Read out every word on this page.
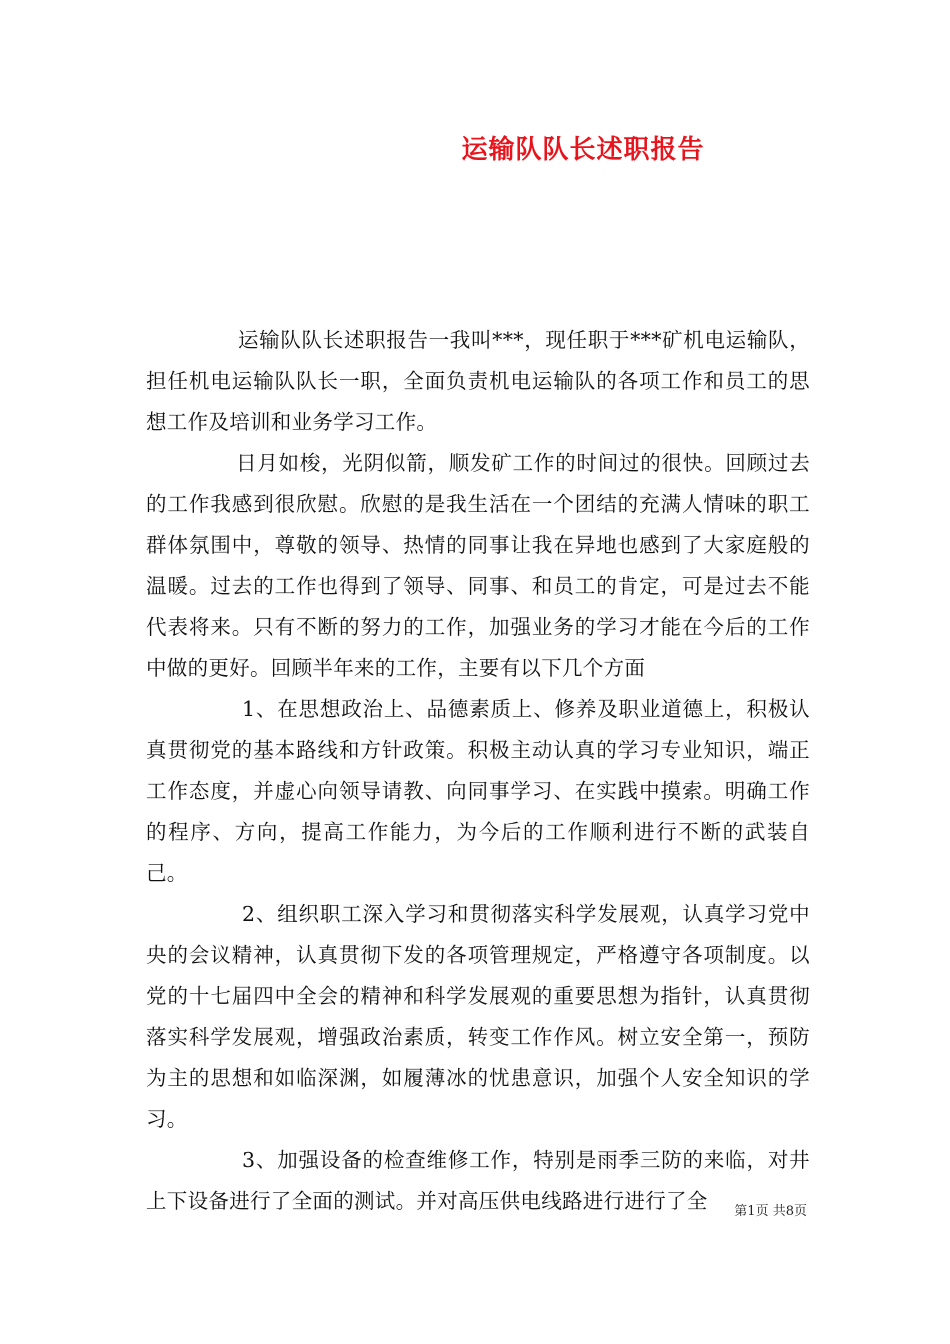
运输队队长述职报告

运输队队长述职报告一我叫***，现任职于***矿机电运输队，担任机电运输队队长一职，全面负责机电运输队的各项工作和员工的思想工作及培训和业务学习工作。

日月如梭，光阴似箭，顺发矿工作的时间过的很快。回顾过去的工作我感到很欣慰。欣慰的是我生活在一个团结的充满人情味的职工群体氛围中，尊敬的领导、热情的同事让我在异地也感到了大家庭般的温暖。过去的工作也得到了领导、同事、和员工的肯定，可是过去不能代表将来。只有不断的努力的工作，加强业务的学习才能在今后的工作中做的更好。回顾半年来的工作，主要有以下几个方面

1、在思想政治上、品德素质上、修养及职业道德上，积极认真贯彻党的基本路线和方针政策。积极主动认真的学习专业知识，端正工作态度，并虚心向领导请教、向同事学习、在实践中摸索。明确工作的程序、方向，提高工作能力，为今后的工作顺利进行不断的武装自己。

2、组织职工深入学习和贯彻落实科学发展观，认真学习党中央的会议精神，认真贯彻下发的各项管理规定，严格遵守各项制度。以党的十七届四中全会的精神和科学发展观的重要思想为指针，认真贯彻落实科学发展观，增强政治素质，转变工作作风。树立安全第一，预防为主的思想和如临深渊，如履薄冰的忧患意识，加强个人安全知识的学习。

3、加强设备的检查维修工作，特别是雨季三防的来临，对井上下设备进行了全面的测试。并对高压供电线路进行进行了全	第1页 共8页
